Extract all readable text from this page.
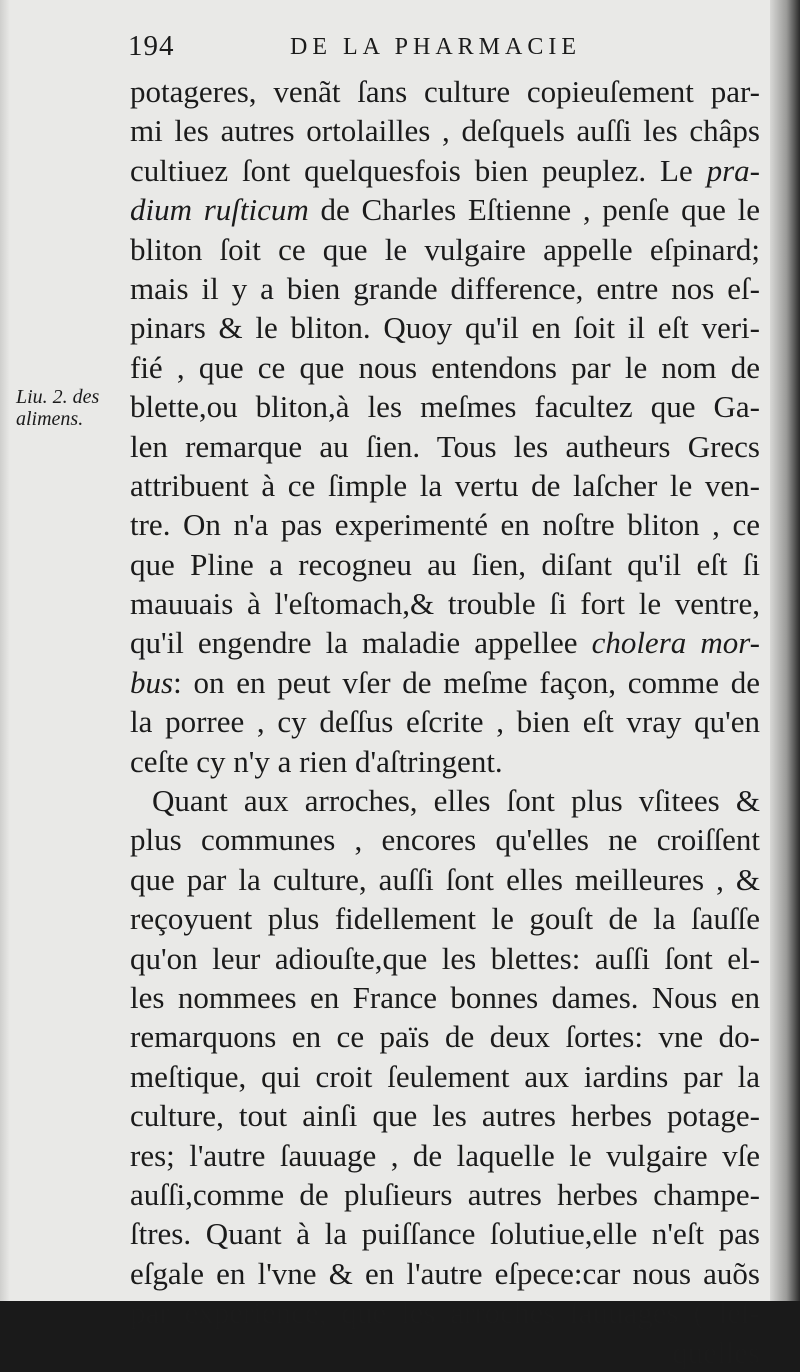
194	DE LA PHARMACIE
Liu. 2. des
alimens.
potageres, venãt ſans culture copieuſement par-
mi les autres ortolailles , deſquels auſſi les châps
cultiuez ſont quelquesfois bien peuplez. Le pra-
dium ruſticum de Charles Eſtienne , penſe que le
bliton ſoit ce que le vulgaire appelle eſpinard;
mais il y a bien grande difference, entre nos eſ-
pinars & le bliton. Quoy qu'il en ſoit il eſt veri-
fié , que ce que nous entendons par le nom de
blette,ou bliton,à les meſmes facultez que Ga-
len remarque au ſien. Tous les autheurs Grecs
attribuent à ce ſimple la vertu de laſcher le ven-
tre. On n'a pas experimenté en noſtre bliton , ce
que Pline a recogneu au ſien, diſant qu'il eſt ſi
mauuais à l'eſtomach,& trouble ſi fort le ventre,
qu'il engendre la maladie appellee cholera mor-
bus: on en peut vſer de meſme façon, comme de
la porree , cy deſſus eſcrite , bien eſt vray qu'en
ceſte cy n'y a rien d'aſtringent.
Quant aux arroches, elles ſont plus vſitees &
plus communes , encores qu'elles ne croiſſent
que par la culture, auſſi ſont elles meilleures , &
reçoyuent plus fidellement le gouſt de la ſauſſe
qu'on leur adiouſte,que les blettes: auſſi ſont el-
les nommees en France bonnes dames. Nous en
remarquons en ce païs de deux ſortes: vne do-
meſtique, qui croit ſeulement aux iardins par la
culture, tout ainſi que les autres herbes potage-
res; l'autre ſauuage , de laquelle le vulgaire vſe
auſſi,comme de pluſieurs autres herbes champe-
ſtres. Quant à la puiſſance ſolutiue,elle n'eſt pas
eſgale en l'vne & en l'autre eſpece:car nous auõs
par experience, que les arroches ſauuages ( leſ-
quelles
